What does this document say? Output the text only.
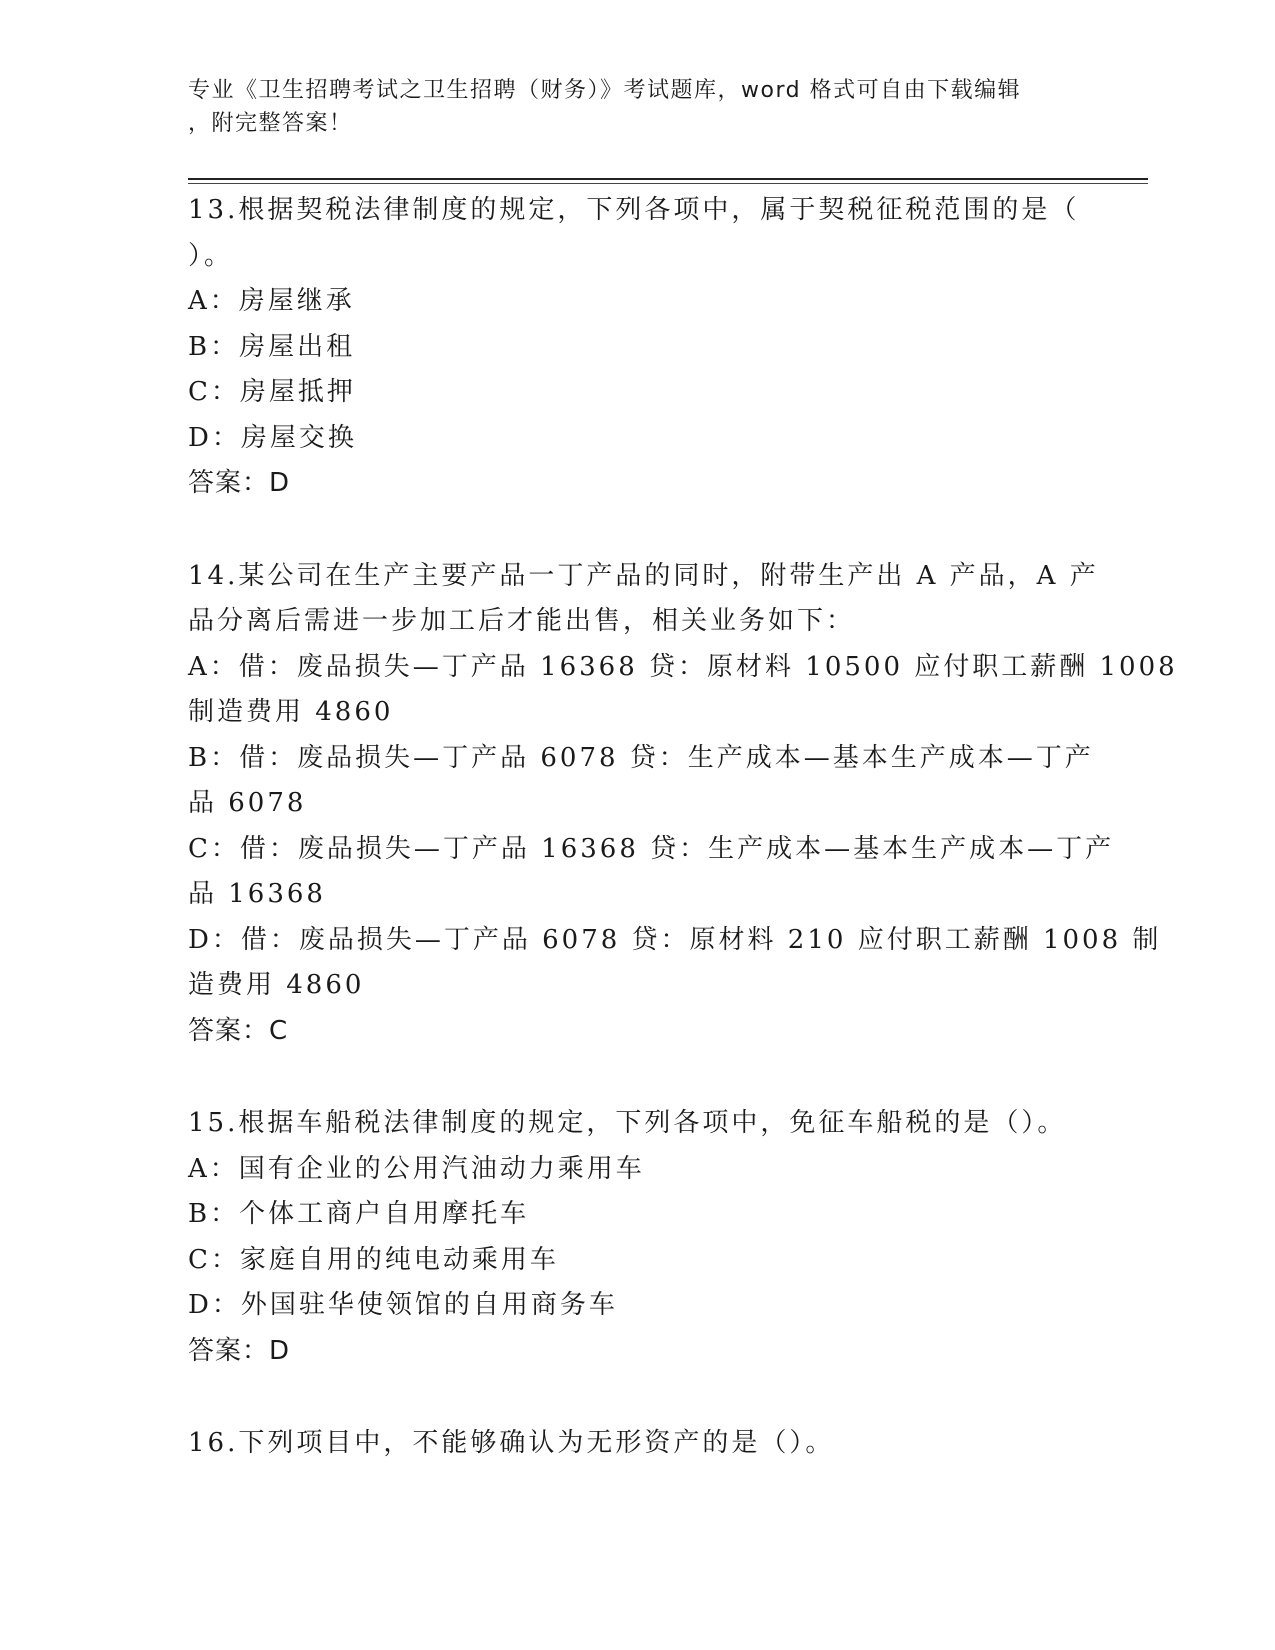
专业《卫生招聘考试之卫生招聘（财务）》考试题库，word 格式可自由下载编辑
，附完整答案！
13.根据契税法律制度的规定，下列各项中，属于契税征税范围的是（
）。
A：房屋继承
B：房屋出租
C：房屋抵押
D：房屋交换
答案：D
14.某公司在生产主要产品一丁产品的同时，附带生产出 A 产品，A 产
品分离后需进一步加工后才能出售，相关业务如下：
A：借：废品损失—丁产品 16368 贷：原材料 10500 应付职工薪酬 1008
制造费用 4860
B：借：废品损失—丁产品 6078 贷：生产成本—基本生产成本—丁产
品 6078
C：借：废品损失—丁产品 16368 贷：生产成本—基本生产成本—丁产
品 16368
D：借：废品损失—丁产品 6078 贷：原材料 210 应付职工薪酬 1008 制
造费用 4860
答案：C
15.根据车船税法律制度的规定，下列各项中，免征车船税的是（）。
A：国有企业的公用汽油动力乘用车
B：个体工商户自用摩托车
C：家庭自用的纯电动乘用车
D：外国驻华使领馆的自用商务车
答案：D
16.下列项目中，不能够确认为无形资产的是（）。
